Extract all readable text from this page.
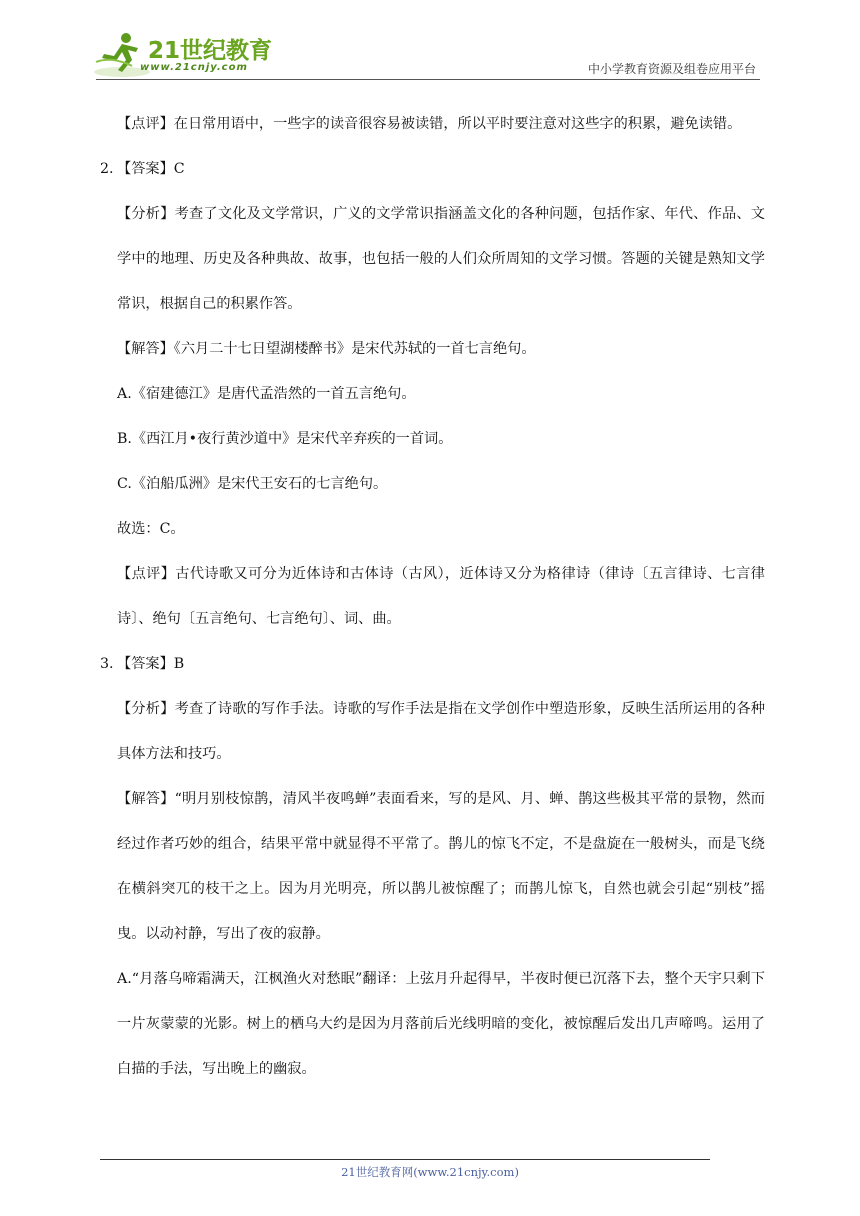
21世纪教育
www.21cnjy.com	中小学教育资源及组卷应用平台

【点评】在日常用语中，一些字的读音很容易被读错，所以平时要注意对这些字的积累，避免读错。

2. 【答案】C

【分析】考查了文化及文学常识，广义的文学常识指涵盖文化的各种问题，包括作家、年代、作品、文学中的地理、历史及各种典故、故事，也包括一般的人们众所周知的文学习惯。答题的关键是熟知文学常识，根据自己的积累作答。

【解答】《六月二十七日望湖楼醉书》是宋代苏轼的一首七言绝句。

A.《宿建德江》是唐代孟浩然的一首五言绝句。

B.《西江月•夜行黄沙道中》是宋代辛弃疾的一首词。

C.《泊船瓜洲》是宋代王安石的七言绝句。

故选：C。

【点评】古代诗歌又可分为近体诗和古体诗（古风），近体诗又分为格律诗（律诗〔五言律诗、七言律诗〕、绝句〔五言绝句、七言绝句〕、词、曲。

3. 【答案】B

【分析】考查了诗歌的写作手法。诗歌的写作手法是指在文学创作中塑造形象，反映生活所运用的各种具体方法和技巧。

【解答】“明月别枝惊鹊，清风半夜鸣蝉”表面看来，写的是风、月、蝉、鹊这些极其平常的景物，然而经过作者巧妙的组合，结果平常中就显得不平常了。鹊儿的惊飞不定，不是盘旋在一般树头，而是飞绕在横斜突兀的枝干之上。因为月光明亮，所以鹊儿被惊醒了；而鹊儿惊飞，自然也就会引起“别枝”摇曳。以动衬静，写出了夜的寂静。

A.“月落乌啼霜满天，江枫渔火对愁眠”翻译：上弦月升起得早，半夜时便已沉落下去，整个天宇只剩下一片灰蒙蒙的光影。树上的栖乌大约是因为月落前后光线明暗的变化，被惊醒后发出几声啼鸣。运用了白描的手法，写出晚上的幽寂。

21世纪教育网(www.21cnjy.com)
